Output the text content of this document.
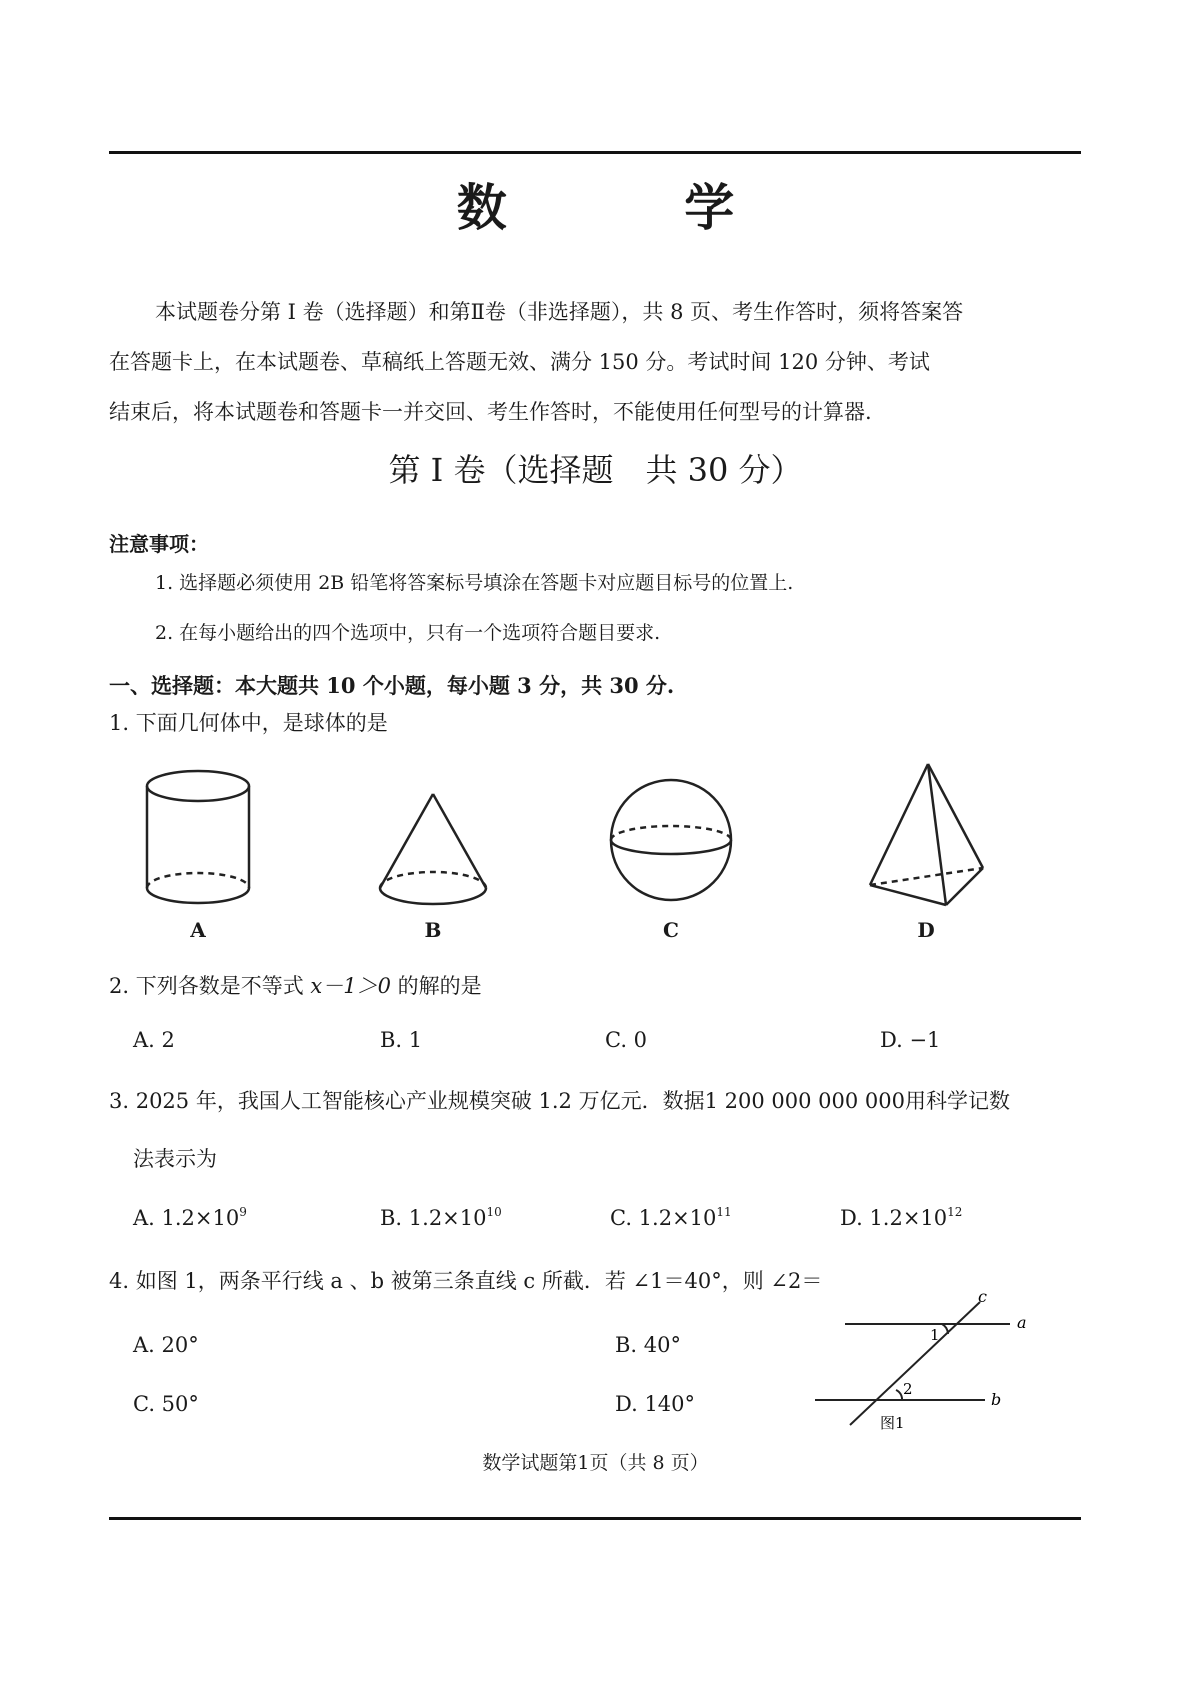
数 学
本试题卷分第 I 卷（选择题）和第Ⅱ卷（非选择题），共 8 页、考生作答时，须将答案答
在答题卡上，在本试题卷、草稿纸上答题无效、满分 150 分。考试时间 120 分钟、考试
结束后，将本试题卷和答题卡一并交回、考生作答时，不能使用任何型号的计算器.
第 I 卷（选择题　共 30 分）
注意事项：
1. 选择题必须使用 2B 铅笔将答案标号填涂在答题卡对应题目标号的位置上.
2. 在每小题给出的四个选项中，只有一个选项符合题目要求.
一、选择题：本大题共 10 个小题，每小题 3 分，共 30 分.
1. 下面几何体中，是球体的是
A	B	C	D
2. 下列各数是不等式 x－1＞0 的解的是
A. 2	B. 1	C. 0	D. −1
3. 2025 年，我国人工智能核心产业规模突破 1.2 万亿元．数据1 200 000 000 000用科学记数
法表示为
A. $1.2\times 10^9$	B. $1.2\times 10^{10}$	C. $1.2\times 10^{11}$	D. $1.2\times 10^{12}$
4. 如图 1，两条平行线 a 、b 被第三条直线 c 所截．若 ∠1＝40°，则 ∠2＝
A. 20°	B. 40°
C. 50°	D. 140°
c
a
b
1
2
图1
数学试题第1页（共 8 页）
